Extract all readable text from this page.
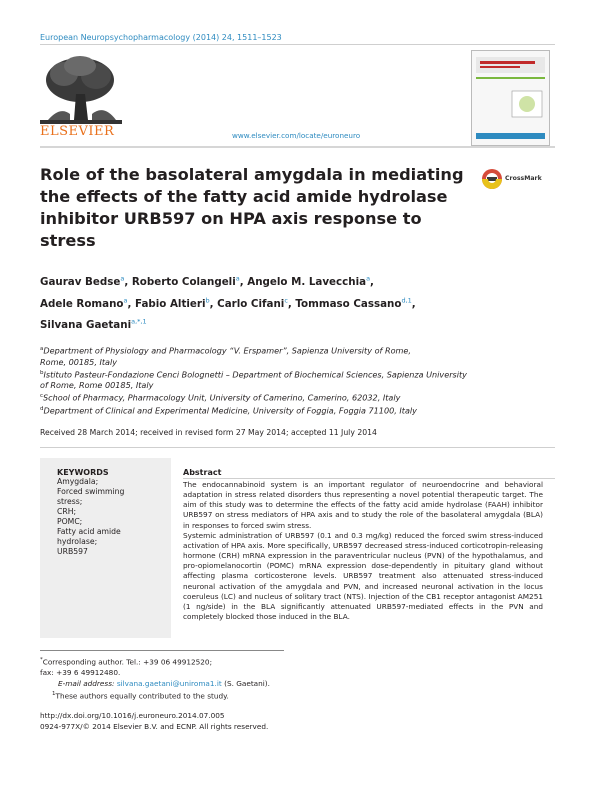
European Neuropsychopharmacology (2014) 24, 1511–1523
ELSEVIER	www.elsevier.com/locate/euroneuro
Role of the basolateral amygdala in mediating the effects of the fatty acid amide hydrolase inhibitor URB597 on HPA axis response to stress
CrossMark
Gaurav Bedse$^a$, Roberto Colangeli$^a$, Angelo M. Lavecchia$^a$,
Adele Romano$^a$, Fabio Altieri$^b$, Carlo Cifani$^c$, Tommaso Cassano$^{d,1}$,
Silvana Gaetani$^{a,*,1}$

$^a$Department of Physiology and Pharmacology “V. Erspamer”, Sapienza University of Rome,
Rome, 00185, Italy

$^b$Istituto Pasteur-Fondazione Cenci Bolognetti – Department of Biochemical Sciences, Sapienza University
of Rome, Rome 00185, Italy

$^c$School of Pharmacy, Pharmacology Unit, University of Camerino, Camerino, 62032, Italy

$^d$Department of Clinical and Experimental Medicine, University of Foggia, Foggia 71100, Italy

Received 28 March 2014; received in revised form 27 May 2014; accepted 11 July 2014
KEYWORDS
Amygdala;
Forced swimming
stress;
CRH;
POMC;
Fatty acid amide
hydrolase;
URB597
Abstract

The endocannabinoid system is an important regulator of neuroendocrine and behavioral adaptation in stress related disorders thus representing a novel potential therapeutic target. The aim of this study was to determine the effects of the fatty acid amide hydrolase (FAAH) inhibitor URB597 on stress mediators of HPA axis and to study the role of the basolateral amygdala (BLA) in responses to forced swim stress.

Systemic administration of URB597 (0.1 and 0.3 mg/kg) reduced the forced swim stress-induced activation of HPA axis. More specifically, URB597 decreased stress-induced corticotropin-releasing hormone (CRH) mRNA expression in the paraventricular nucleus (PVN) of the hypothalamus, and pro-opiomelanocortin (POMC) mRNA expression dose-dependently in pituitary gland without affecting plasma corticosterone levels. URB597 treatment also attenuated stress-induced neuronal activation of the amygdala and PVN, and increased neuronal activation in the locus coeruleus (LC) and nucleus of solitary tract (NTS). Injection of the CB1 receptor antagonist AM251 (1 ng/side) in the BLA significantly attenuated URB597-mediated effects in the PVN and completely blocked those induced in the BLA.

*Corresponding author. Tel.: +39 06 49912520;

fax: +39 6 49912480.

E-mail address: silvana.gaetani@uniroma1.it (S. Gaetani).

$^1$These authors equally contributed to the study.

http://dx.doi.org/10.1016/j.euroneuro.2014.07.005
0924-977X/© 2014 Elsevier B.V. and ECNP. All rights reserved.
